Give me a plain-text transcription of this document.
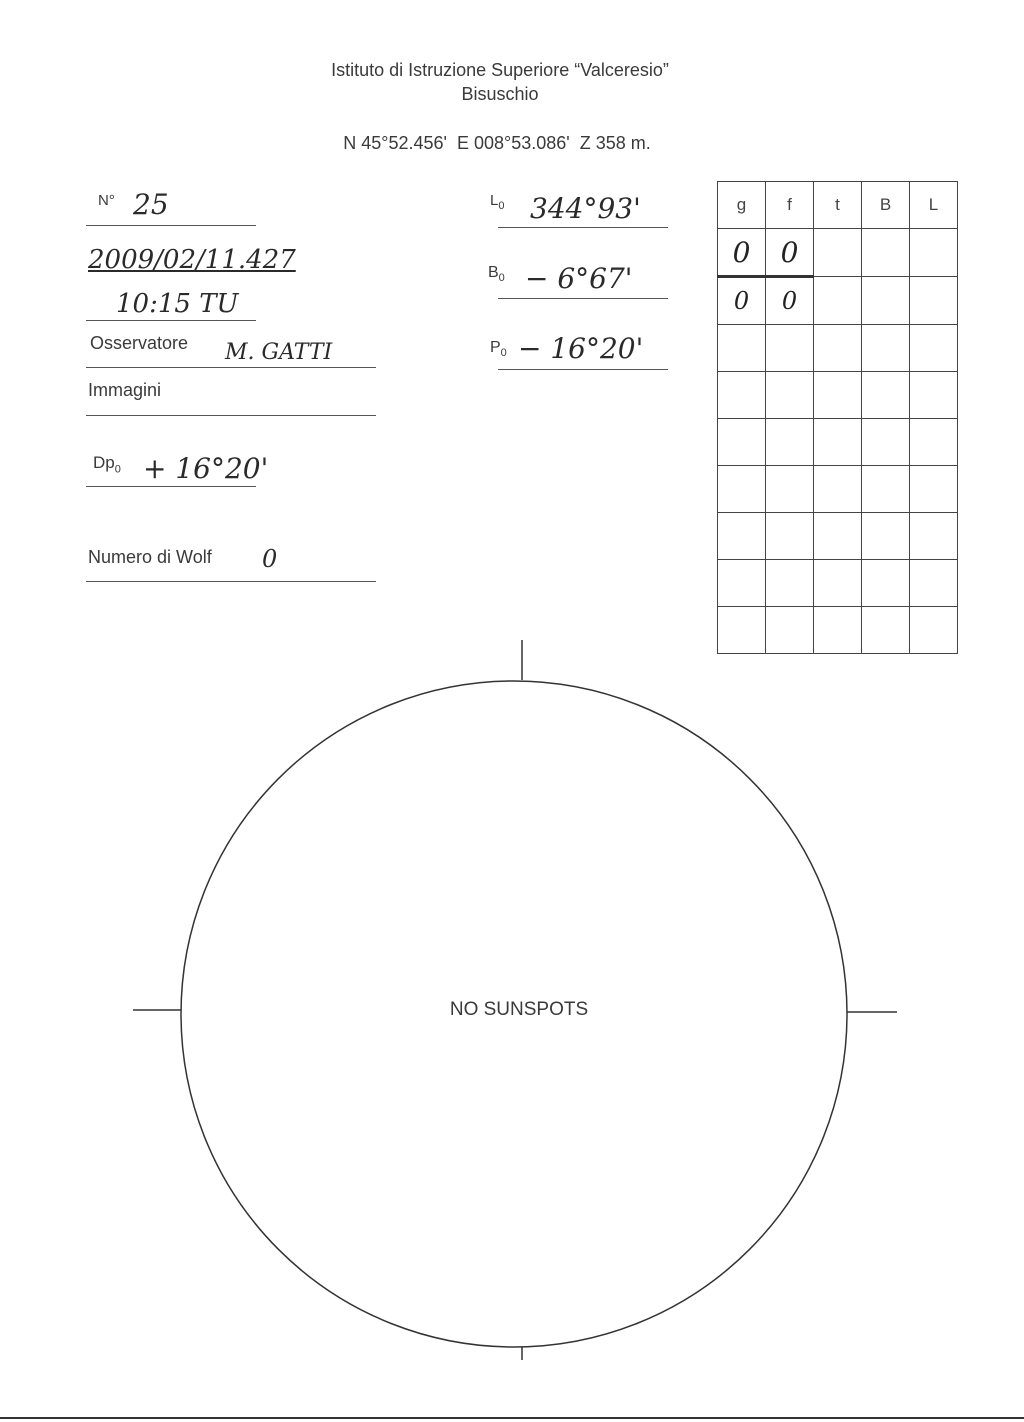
Istituto di Istruzione Superiore “Valceresio”
Bisuschio
N 45°52.456'  E 008°53.086'  Z 358 m.
N° 25
2009/02/11.427
10:15 TU
Osservatore M. GATTI
Immagini
$Dp_0 + 16^\circ 20'$
Numero di Wolf 0
$L_0$ 344°93'
$B_0 - 6^\circ 67'$
$P_0 - 16^\circ 20'$
g	f	t	B	L
0	0			
0	0			

NO SUNSPOTS
